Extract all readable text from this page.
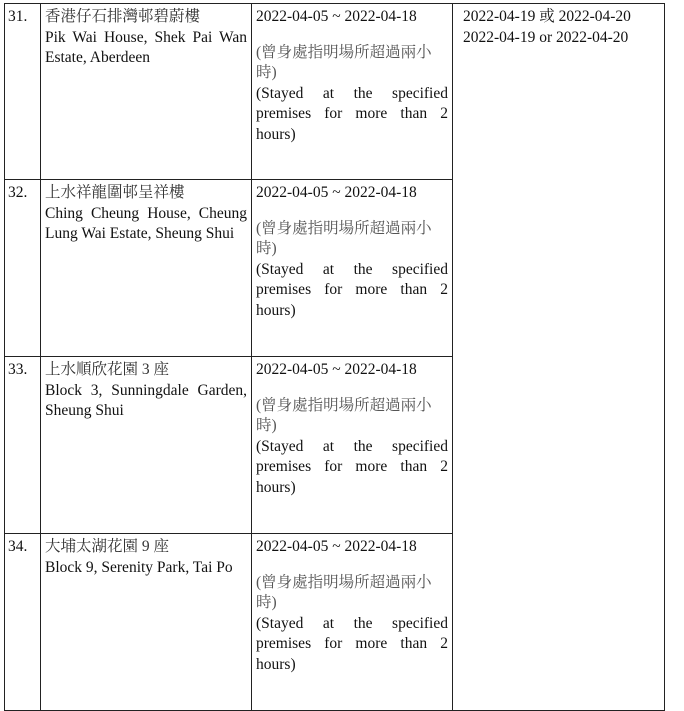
31.	香港仔石排灣邨碧蔚樓
Pik Wai House, Shek Pai Wan Estate, Aberdeen	2022-04-05 ~ 2022-04-18
(曾身處指明場所超過兩小時)
(Stayed at the specified premises for more than 2 hours)	2022-04-19 或 2022-04-20
2022-04-19 or 2022-04-20

32.	上水祥龍圍邨呈祥樓
Ching Cheung House, Cheung Lung Wai Estate, Sheung Shui	2022-04-05 ~ 2022-04-18
(曾身處指明場所超過兩小時)
(Stayed at the specified premises for more than 2 hours)	

33.	上水順欣花園 3 座
Block 3, Sunningdale Garden, Sheung Shui	2022-04-05 ~ 2022-04-18
(曾身處指明場所超過兩小時)
(Stayed at the specified premises for more than 2 hours)	

34.	大埔太湖花園 9 座
Block 9, Serenity Park, Tai Po	2022-04-05 ~ 2022-04-18
(曾身處指明場所超過兩小時)
(Stayed at the specified premises for more than 2 hours)	
